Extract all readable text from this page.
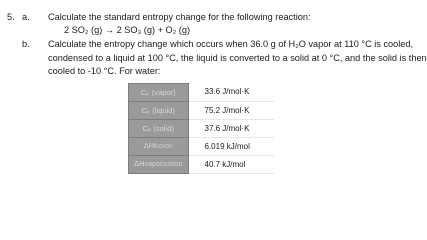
5. a. Calculate the standard entropy change for the following reaction:
2 SO₂ (g) → 2 SO₃ (g) + O₂ (g)
b. Calculate the entropy change which occurs when 36.0 g of H₂O vapor at 110 °C is cooled,
condensed to a liquid at 100 °C, the liquid is converted to a solid at 0 °C, and the solid is then
cooled to -10 °C. For water:
Cₚ (vapor)	33.6 J/mol·K
Cₚ (liquid)	75.2 J/mol·K
Cₚ (solid)	37.6 J/mol·K
ΔHfusion	6.019 kJ/mol
ΔHvaporization	40.7 kJ/mol
